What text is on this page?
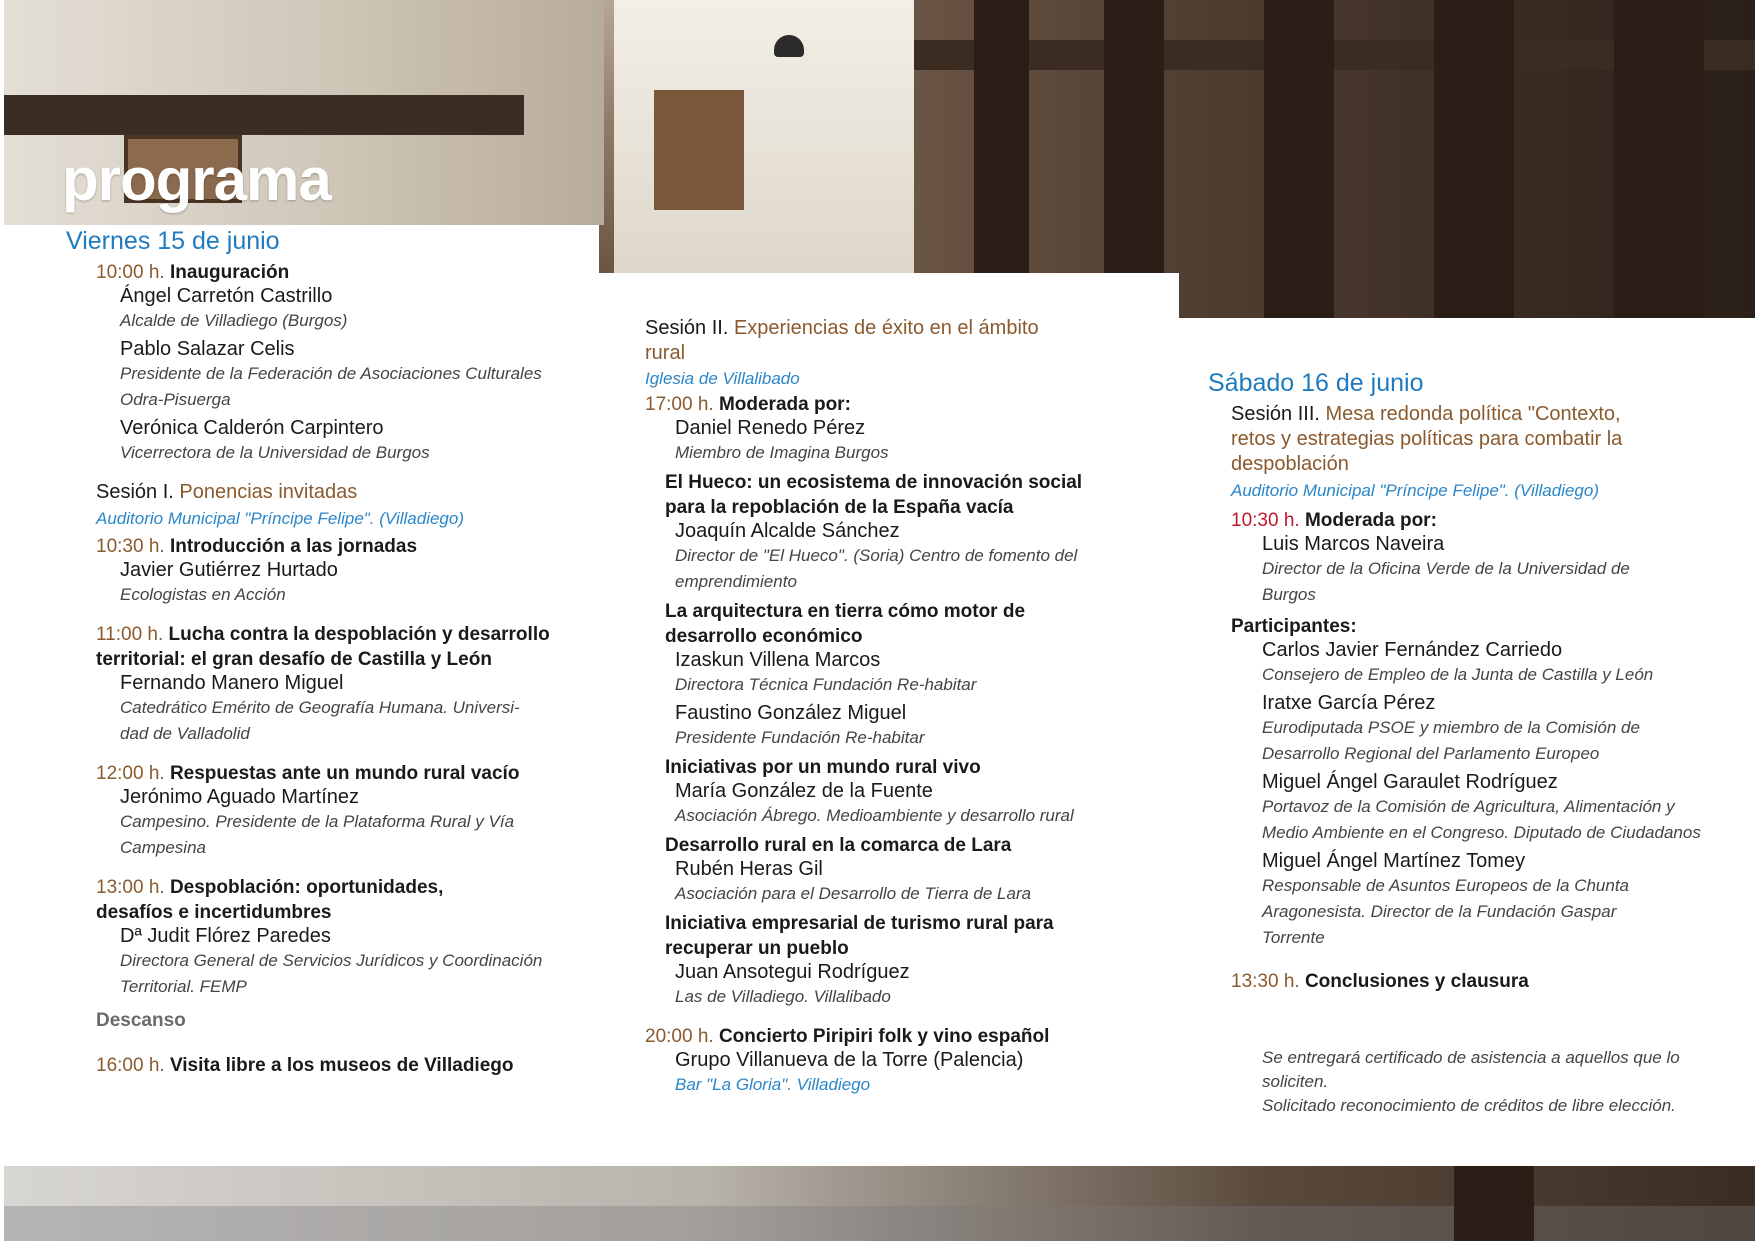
programa
Viernes 15 de junio
10:00 h. Inauguración
Ángel Carretón Castrillo
Alcalde de Villadiego (Burgos)
Pablo Salazar Celis
Presidente de la Federación de Asociaciones Culturales
Odra-Pisuerga
Verónica Calderón Carpintero
Vicerrectora de la Universidad de Burgos
Sesión I. Ponencias invitadas
Auditorio Municipal "Príncipe Felipe". (Villadiego)
10:30 h. Introducción a las jornadas
Javier Gutiérrez Hurtado
Ecologistas en Acción
11:00 h. Lucha contra la despoblación y desarrollo
territorial: el gran desafío de Castilla y León
Fernando Manero Miguel
Catedrático Emérito de Geografía Humana. Universi-
dad de Valladolid
12:00 h. Respuestas ante un mundo rural vacío
Jerónimo Aguado Martínez
Campesino. Presidente de la Plataforma Rural y Vía
Campesina
13:00 h. Despoblación: oportunidades,
desafíos e incertidumbres
Dª Judit Flórez Paredes
Directora General de Servicios Jurídicos y Coordinación
Territorial. FEMP
Descanso
16:00 h. Visita libre a los museos de Villadiego
Sesión II. Experiencias de éxito en el ámbito
rural
Iglesia de Villalibado
17:00 h. Moderada por:
Daniel Renedo Pérez
Miembro de Imagina Burgos
El Hueco: un ecosistema de innovación social
para la repoblación de la España vacía
Joaquín Alcalde Sánchez
Director de "El Hueco". (Soria) Centro de fomento del
emprendimiento
La arquitectura en tierra cómo motor de
desarrollo económico
Izaskun Villena Marcos
Directora Técnica Fundación Re-habitar
Faustino González Miguel
Presidente Fundación Re-habitar
Iniciativas por un mundo rural vivo
María González de la Fuente
Asociación Ábrego. Medioambiente y desarrollo rural
Desarrollo rural en la comarca de Lara
Rubén Heras Gil
Asociación para el Desarrollo de Tierra de Lara
Iniciativa empresarial de turismo rural para
recuperar un pueblo
Juan Ansotegui Rodríguez
Las de Villadiego. Villalibado
20:00 h. Concierto Piripiri folk y vino español
Grupo Villanueva de la Torre (Palencia)
Bar "La Gloria". Villadiego
Sábado 16 de junio
Sesión III. Mesa redonda política "Contexto,
retos y estrategias políticas para combatir la
despoblación
Auditorio Municipal "Príncipe Felipe". (Villadiego)
10:30 h. Moderada por:
Luis Marcos Naveira
Director de la Oficina Verde de la Universidad de
Burgos
Participantes:
Carlos Javier Fernández Carriedo
Consejero de Empleo de la Junta de Castilla y León
Iratxe García Pérez
Eurodiputada PSOE y miembro de la Comisión de
Desarrollo Regional del Parlamento Europeo
Miguel Ángel Garaulet Rodríguez
Portavoz de la Comisión de Agricultura, Alimentación y
Medio Ambiente en el Congreso. Diputado de Ciudadanos
Miguel Ángel Martínez Tomey
Responsable de Asuntos Europeos de la Chunta
Aragonesista. Director de la Fundación Gaspar
Torrente
13:30 h. Conclusiones y clausura
Se entregará certificado de asistencia a aquellos que lo
soliciten.
Solicitado reconocimiento de créditos de libre elección.
